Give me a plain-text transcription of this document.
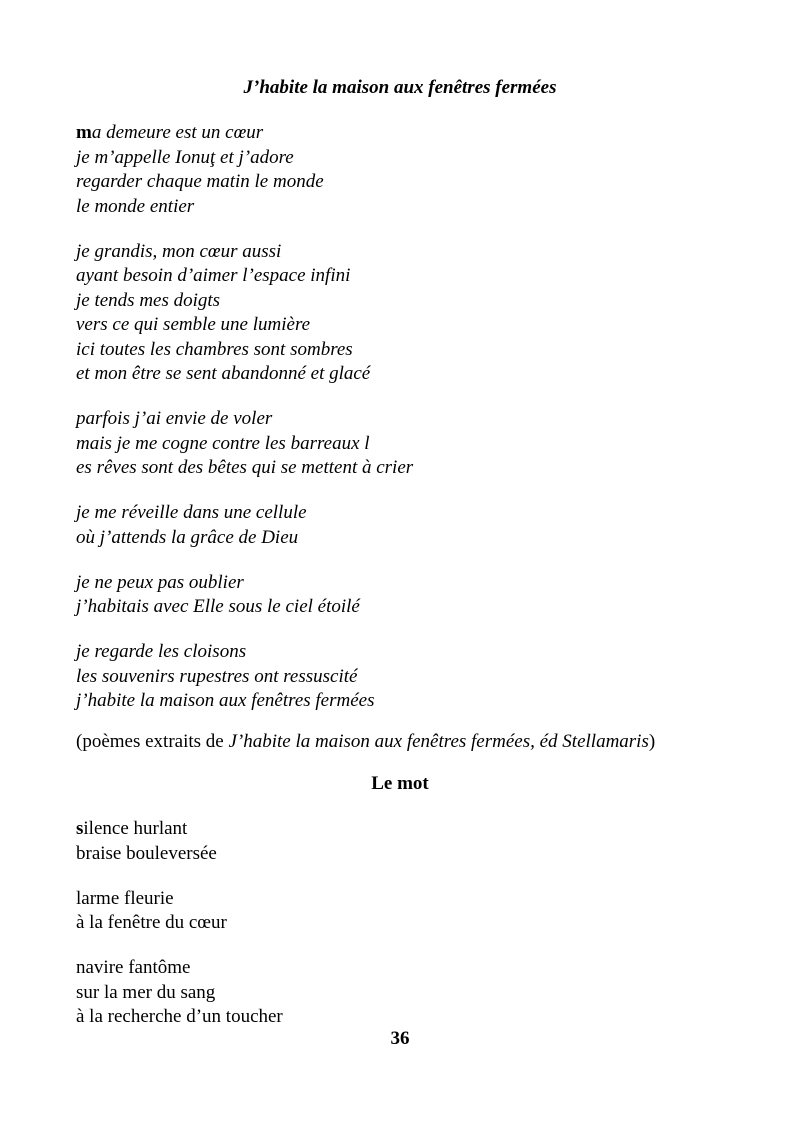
J’habite la maison aux fenêtres fermées
ma demeure est un cœur
je m’appelle Ionuţ et j’adore
regarder chaque matin le monde
le monde entier
je grandis, mon cœur aussi
ayant besoin d’aimer l’espace infini
je tends mes doigts
vers ce qui semble une lumière
ici toutes les chambres sont sombres
et mon être se sent abandonné et glacé
parfois j’ai envie de voler
mais je me cogne contre les barreaux l
es rêves sont des bêtes qui se mettent à crier
je me réveille dans une cellule
où j’attends la grâce de Dieu
je ne peux pas oublier
j’habitais avec Elle sous le ciel étoilé
je regarde les cloisons
les souvenirs rupestres ont ressuscité
j’habite la maison aux fenêtres fermées

(poèmes extraits de J’habite la maison aux fenêtres fermées, éd Stellamaris)

Le mot
silence hurlant
braise bouleversée
larme fleurie
à la fenêtre du cœur
navire fantôme
sur la mer du sang
à la recherche d’un toucher
36
